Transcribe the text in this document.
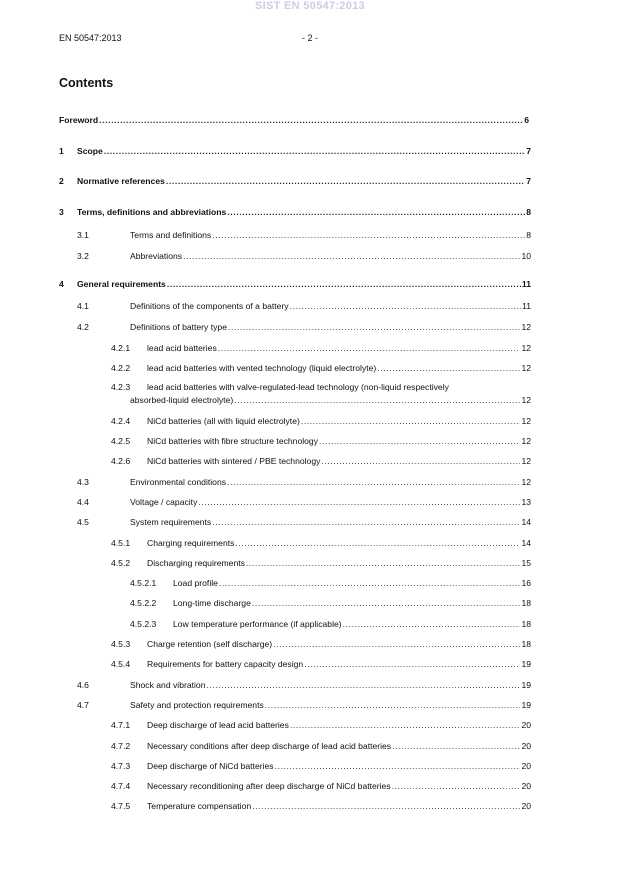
SIST EN 50547:2013
EN 50547:2013	- 2 -
Contents
Foreword .....	6
1 Scope .....	7
2 Normative references .....	7
3 Terms, definitions and abbreviations .....	8
3.1	Terms and definitions .....	8
3.2	Abbreviations .....	10
4 General requirements .....	11
4.1	Definitions of the components of a battery .....	11
4.2	Definitions of battery type .....	12
4.2.1 lead acid batteries .....	12
4.2.2 lead acid batteries with vented technology (liquid electrolyte) .....	12
4.2.3 lead acid batteries with valve-regulated-lead technology (non-liquid respectively
absorbed-liquid electrolyte) .....	12
4.2.4 NiCd batteries (all with liquid electrolyte) .....	12
4.2.5 NiCd batteries with fibre structure technology .....	12
4.2.6 NiCd batteries with sintered / PBE technology .....	12
4.3	Environmental conditions .....	12
4.4	Voltage / capacity .....	13
4.5	System requirements .....	14
4.5.1 Charging requirements .....	14
4.5.2 Discharging requirements .....	15
4.5.2.1 Load profile .....	16
4.5.2.2 Long-time discharge .....	18
4.5.2.3 Low temperature performance (if applicable) .....	18
4.5.3 Charge retention (self discharge) .....	18
4.5.4 Requirements for battery capacity design .....	19
4.6	Shock and vibration .....	19
4.7	Safety and protection requirements .....	19
4.7.1 Deep discharge of lead acid batteries .....	20
4.7.2 Necessary conditions after deep discharge of lead acid batteries .....	20
4.7.3 Deep discharge of NiCd batteries .....	20
4.7.4 Necessary reconditioning after deep discharge of NiCd batteries .....	20
4.7.5 Temperature compensation .....	20
